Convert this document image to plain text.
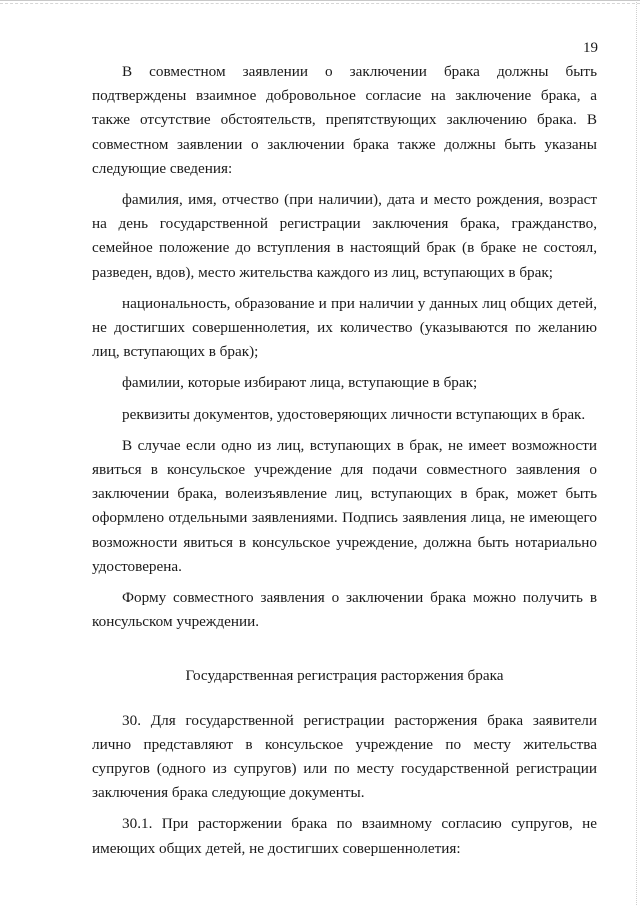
19

В совместном заявлении о заключении брака должны быть подтверждены взаимное добровольное согласие на заключение брака, а также отсутствие обстоятельств, препятствующих заключению брака. В совместном заявлении о заключении брака также должны быть указаны следующие сведения:

фамилия, имя, отчество (при наличии), дата и место рождения, возраст на день государственной регистрации заключения брака, гражданство, семейное положение до вступления в настоящий брак (в браке не состоял, разведен, вдов), место жительства каждого из лиц, вступающих в брак;

национальность, образование и при наличии у данных лиц общих детей, не достигших совершеннолетия, их количество (указываются по желанию лиц, вступающих в брак);

фамилии, которые избирают лица, вступающие в брак;

реквизиты документов, удостоверяющих личности вступающих в брак.

В случае если одно из лиц, вступающих в брак, не имеет возможности явиться в консульское учреждение для подачи совместного заявления о заключении брака, волеизъявление лиц, вступающих в брак, может быть оформлено отдельными заявлениями. Подпись заявления лица, не имеющего возможности явиться в консульское учреждение, должна быть нотариально удостоверена.

Форму совместного заявления о заключении брака можно получить в консульском учреждении.

Государственная регистрация расторжения брака

30. Для государственной регистрации расторжения брака заявители лично представляют в консульское учреждение по месту жительства супругов (одного из супругов) или по месту государственной регистрации заключения брака следующие документы.

30.1. При расторжении брака по взаимному согласию супругов, не имеющих общих детей, не достигших совершеннолетия:
